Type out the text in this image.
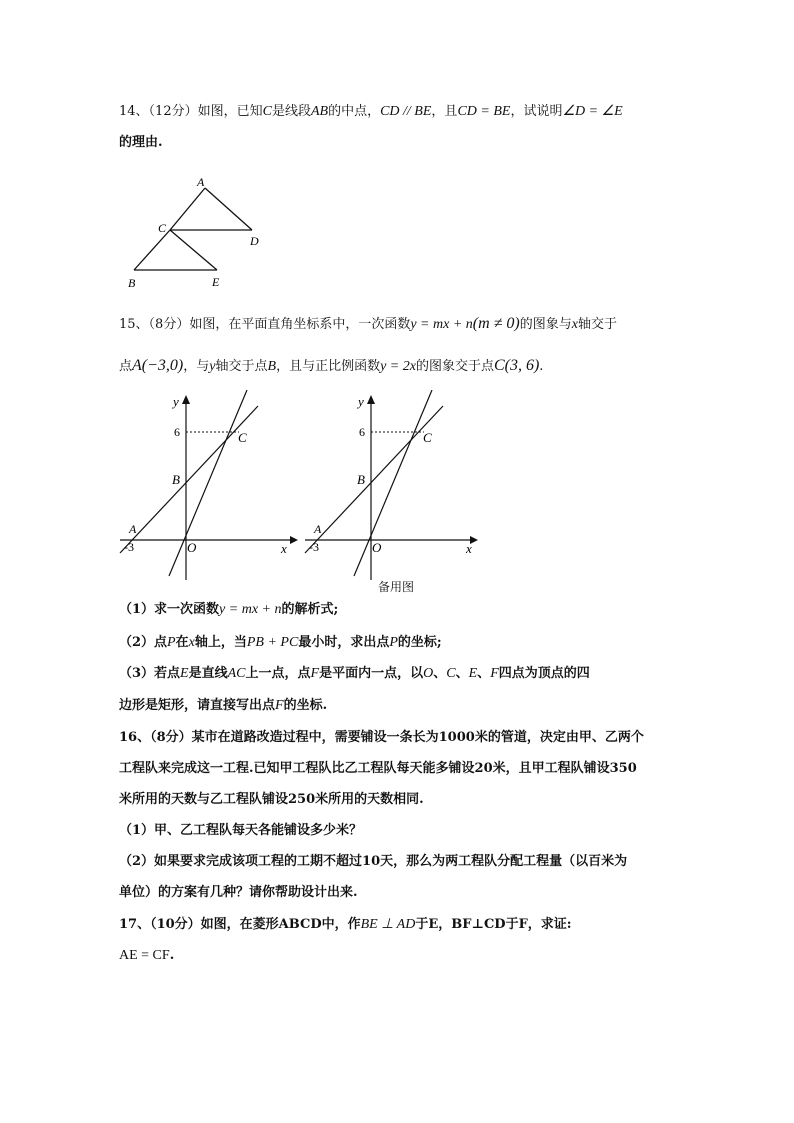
14、（12分）如图，已知C是线段AB的中点，CD // BE，且CD = BE，试说明∠D = ∠E
的理由.
A
C
D
B	E
15、（8分）如图，在平面直角坐标系中，一次函数y = mx + n(m ≠ 0)的图象与x轴交于
点A(−3,0)，与y轴交于点B，且与正比例函数y = 2x的图象交于点C(3, 6).
y
x
6	C
B
A
-3	O
y
x
6	C
B
A
-3	O
备用图
（1）求一次函数y = mx + n的解析式;
（2）点P在x轴上，当PB + PC最小时，求出点P的坐标;
（3）若点E是直线AC上一点，点F是平面内一点，以O、C、E、F四点为顶点的四
边形是矩形，请直接写出点F的坐标.
16、（8分）某市在道路改造过程中，需要铺设一条长为1000米的管道，决定由甲、乙两个
工程队来完成这一工程.已知甲工程队比乙工程队每天能多铺设20米，且甲工程队铺设350
米所用的天数与乙工程队铺设250米所用的天数相同.
（1）甲、乙工程队每天各能铺设多少米？
（2）如果要求完成该项工程的工期不超过10天，那么为两工程队分配工程量（以百米为
单位）的方案有几种？请你帮助设计出来.
17、（10分）如图，在菱形ABCD中，作BE ⊥ AD于E，BF⊥CD于F，求证:
AE = CF.
